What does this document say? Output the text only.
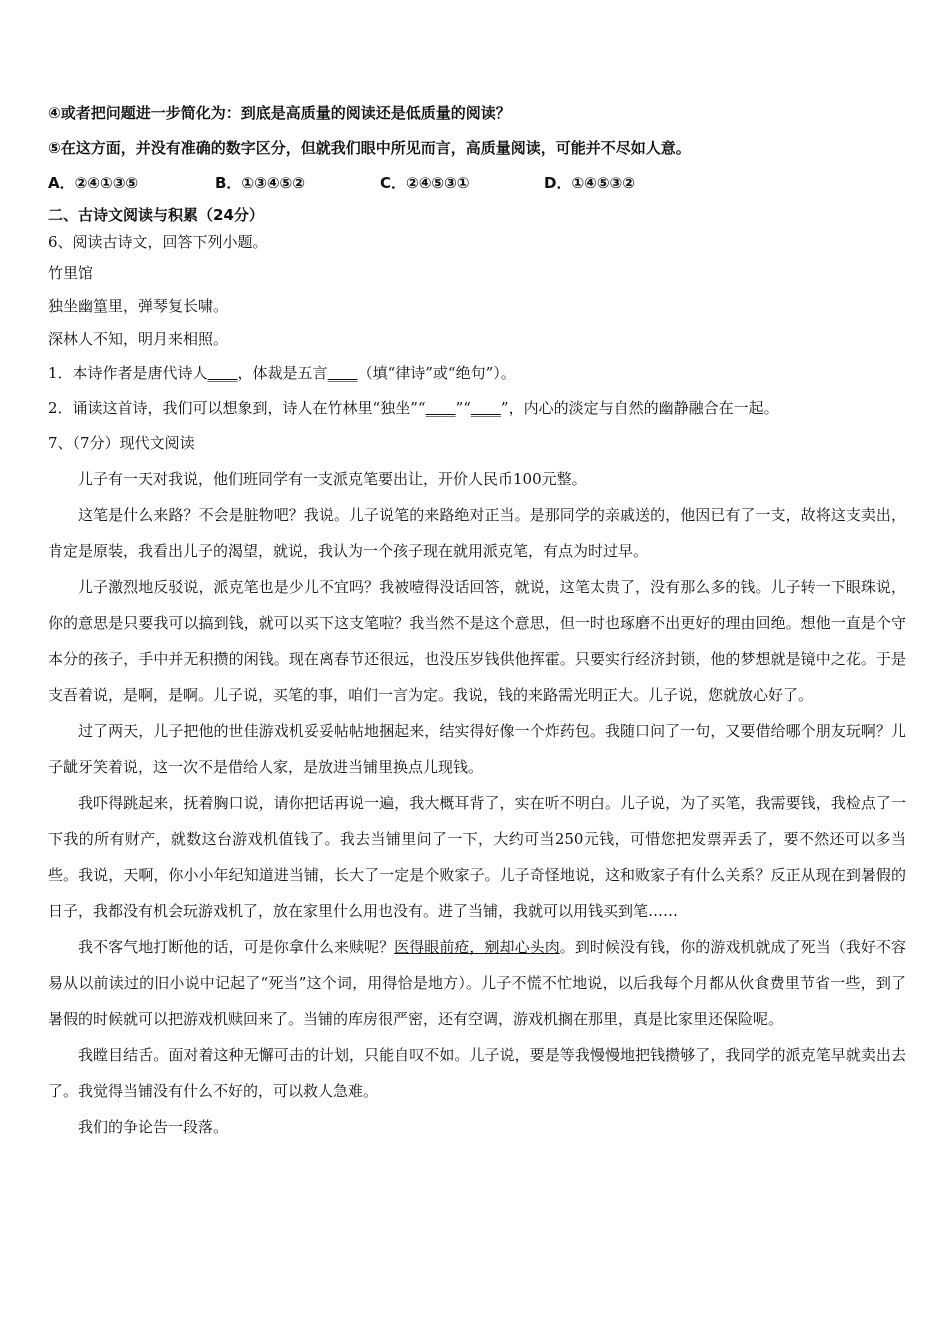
④或者把问题进一步简化为：到底是高质量的阅读还是低质量的阅读？

⑤在这方面，并没有准确的数字区分，但就我们眼中所见而言，高质量阅读，可能并不尽如人意。

A．②④①③⑤	B．①③④⑤②	C．②④⑤③①	D．①④⑤③②
二、古诗文阅读与积累（24分）

6、阅读古诗文，回答下列小题。

竹里馆

独坐幽篁里，弹琴复长啸。

深林人不知，明月来相照。

1．本诗作者是唐代诗人____，体裁是五言____（填“律诗”或“绝句”）。

2．诵读这首诗，我们可以想象到，诗人在竹林里“独坐”“____”“____”，内心的淡定与自然的幽静融合在一起。

7、（7分）现代文阅读

儿子有一天对我说，他们班同学有一支派克笔要出让，开价人民币100元整。

这笔是什么来路？不会是脏物吧？我说。儿子说笔的来路绝对正当。是那同学的亲戚送的，他因已有了一支，故将这支卖出，肯定是原装，我看出儿子的渴望，就说，我认为一个孩子现在就用派克笔，有点为时过早。

儿子激烈地反驳说，派克笔也是少儿不宜吗？我被噎得没话回答，就说，这笔太贵了，没有那么多的钱。儿子转一下眼珠说，你的意思是只要我可以搞到钱，就可以买下这支笔啦？我当然不是这个意思，但一时也琢磨不出更好的理由回绝。想他一直是个守本分的孩子，手中并无积攒的闲钱。现在离春节还很远，也没压岁钱供他挥霍。只要实行经济封锁，他的梦想就是镜中之花。于是支吾着说，是啊，是啊。儿子说，买笔的事，咱们一言为定。我说，钱的来路需光明正大。儿子说，您就放心好了。

过了两天，儿子把他的世佳游戏机妥妥帖帖地捆起来，结实得好像一个炸药包。我随口问了一句，又要借给哪个朋友玩啊？儿子龇牙笑着说，这一次不是借给人家，是放进当铺里换点儿现钱。

我吓得跳起来，抚着胸口说，请你把话再说一遍，我大概耳背了，实在听不明白。儿子说，为了买笔，我需要钱，我检点了一下我的所有财产，就数这台游戏机值钱了。我去当铺里问了一下，大约可当250元钱，可惜您把发票弄丢了，要不然还可以多当些。我说，天啊，你小小年纪知道进当铺，长大了一定是个败家子。儿子奇怪地说，这和败家子有什么关系？反正从现在到暑假的日子，我都没有机会玩游戏机了，放在家里什么用也没有。进了当铺，我就可以用钱买到笔……

我不客气地打断他的话，可是你拿什么来赎呢？医得眼前疮，剜却心头肉。到时候没有钱，你的游戏机就成了死当（我好不容易从以前读过的旧小说中记起了“死当”这个词，用得恰是地方）。儿子不慌不忙地说，以后我每个月都从伙食费里节省一些，到了暑假的时候就可以把游戏机赎回来了。当铺的库房很严密，还有空调，游戏机搁在那里，真是比家里还保险呢。

我瞠目结舌。面对着这种无懈可击的计划，只能自叹不如。儿子说，要是等我慢慢地把钱攒够了，我同学的派克笔早就卖出去了。我觉得当铺没有什么不好的，可以救人急难。

我们的争论告一段落。
